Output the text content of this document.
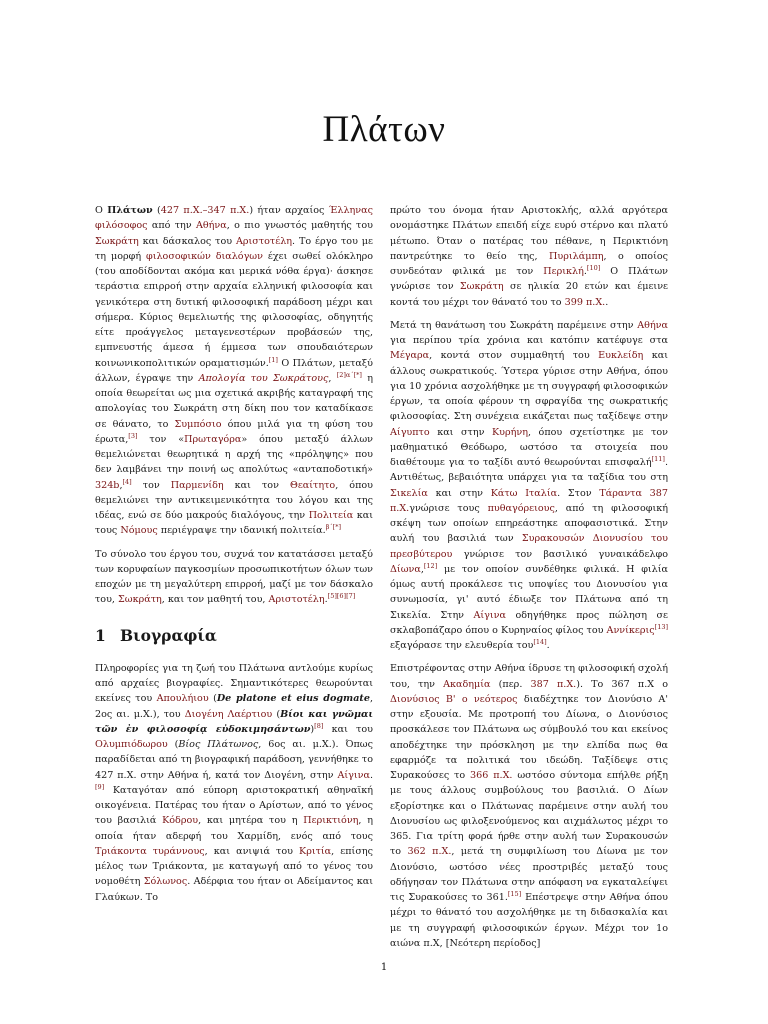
Πλάτων

Ο Πλάτων (427 π.Χ.–347 π.Χ.) ήταν αρχαίος Έλληνας φιλόσοφος από την Αθήνα, ο πιο γνωστός μαθητής του Σωκράτη και δάσκαλος του Αριστοτέλη. Το έργο του με τη μορφή φιλοσοφικών διαλόγων έχει σωθεί ολόκληρο (του αποδίδονται ακόμα και μερικά νόθα έργα)· άσκησε τεράστια επιρροή στην αρχαία ελληνική φιλοσοφία και γενικότερα στη δυτική φιλοσοφική παράδοση μέχρι και σήμερα. Κύριος θεμελιωτής της φιλοσοφίας, οδηγητής είτε προάγγελος μεταγενεστέρων προβάσεών της, εμπνευστής άμεσα ή έμμεσα των σπουδαιότερων κοινωνικοπολιτικών οραματισμών.[1] Ο Πλάτων, μεταξύ άλλων, έγραψε την Απολογία του Σωκράτους, [2]α΄[*] η οποία θεωρείται ως μια σχετικά ακριβής καταγραφή της απολογίας του Σωκράτη στη δίκη που τον καταδίκασε σε θάνατο, το Συμπόσιο όπου μιλά για τη φύση του έρωτα,[3] τον «Πρωταγόρα» όπου μεταξύ άλλων θεμελιώνεται θεωρητικά η αρχή της «πρόληψης» που δεν λαμβάνει την ποινή ως απολύτως «ανταποδοτική» 324b,[4] τον Παρμενίδη και τον Θεαίτητο, όπου θεμελιώνει την αντικειμενικότητα του λόγου και της ιδέας, ενώ σε δύο μακρούς διαλόγους, την Πολιτεία και τους Νόμους περιέγραψε την ιδανική πολιτεία.$^{\beta΄[*]}$

Το σύνολο του έργου του, συχνά τον κατατάσσει μεταξύ των κορυφαίων παγκοσμίων προσωπικοτήτων όλων των εποχών με τη μεγαλύτερη επιρροή, μαζί με τον δάσκαλο του, Σωκράτη, και τον μαθητή του, Αριστοτέλη.[5][6][7]

1 Βιογραφία

Πληροφορίες για τη ζωή του Πλάτωνα αντλούμε κυρίως από αρχαίες βιογραφίες. Σημαντικότερες θεωρούνται εκείνες του Απουλήιου (De platone et eius dogmate, 2ος αι. μ.Χ.), του Διογένη Λαέρτιου (Βίοι και γνῶμαι τῶν ἐν φιλοσοφίᾳ εὐδοκιμησάντων)[8] και του Ολυμπιόδωρου (Βίος Πλάτωνος, 6ος αι. μ.Χ.). Όπως παραδίδεται από τη βιογραφική παράδοση, γεννήθηκε το 427 π.Χ. στην Αθήνα ή, κατά τον Διογένη, στην Αίγινα.[9] Καταγόταν από εύπορη αριστοκρατική αθηναϊκή οικογένεια. Πατέρας του ήταν ο Αρίστων, από το γένος του βασιλιά Κόδρου, και μητέρα του η Περικτιόνη, η οποία ήταν αδερφή του Χαρμίδη, ενός από τους Τριάκοντα τυράννους, και ανιψιά του Κριτία, επίσης μέλος των Τριάκοντα, με καταγωγή από το γένος του νομοθέτη Σόλωνος. Αδέρφια του ήταν οι Αδείμαντος και Γλαύκων. Το

πρώτο του όνομα ήταν Αριστοκλής, αλλά αργότερα ονομάστηκε Πλάτων επειδή είχε ευρύ στέρνο και πλατύ μέτωπο. Όταν ο πατέρας του πέθανε, η Περικτιόνη παντρεύτηκε το θείο της, Πυριλάμπη, ο οποίος συνδεόταν φιλικά με τον Περικλή.[10] Ο Πλάτων γνώρισε τον Σωκράτη σε ηλικία 20 ετών και έμεινε κοντά του μέχρι τον θάνατό του το 399 π.Χ..

Μετά τη θανάτωση του Σωκράτη παρέμεινε στην Αθήνα για περίπου τρία χρόνια και κατόπιν κατέφυγε στα Μέγαρα, κοντά στον συμμαθητή του Ευκλείδη και άλλους σωκρατικούς. Ύστερα γύρισε στην Αθήνα, όπου για 10 χρόνια ασχολήθηκε με τη συγγραφή φιλοσοφικών έργων, τα οποία φέρουν τη σφραγίδα της σωκρατικής φιλοσοφίας. Στη συνέχεια εικάζεται πως ταξίδεψε στην Αίγυπτο και στην Κυρήνη, όπου σχετίστηκε με τον μαθηματικό Θεόδωρο, ωστόσο τα στοιχεία που διαθέτουμε για το ταξίδι αυτό θεωρούνται επισφαλή[11]. Αντιθέτως, βεβαιότητα υπάρχει για τα ταξίδια του στη Σικελία και στην Κάτω Ιταλία. Στον Τάραντα 387 π.Χ.γνώρισε τους πυθαγόρειους, από τη φιλοσοφική σκέψη των οποίων επηρεάστηκε αποφασιστικά. Στην αυλή του βασιλιά των Συρακουσών Διονυσίου του πρεσβύτερου γνώρισε τον βασιλικό γυναικάδελφο Δίωνα,[12] με τον οποίον συνδέθηκε φιλικά. Η φιλία όμως αυτή προκάλεσε τις υποψίες του Διονυσίου για συνωμοσία, γι' αυτό έδιωξε τον Πλάτωνα από τη Σικελία. Στην Αίγινα οδηγήθηκε προς πώληση σε σκλαβοπάζαρο όπου ο Κυρηναίος φίλος του Αννίκερις[13] εξαγόρασε την ελευθερία του[14].

Επιστρέφοντας στην Αθήνα ίδρυσε τη φιλοσοφική σχολή του, την Ακαδημία (περ. 387 π.Χ.). Το 367 π.Χ ο Διονύσιος Β' ο νεότερος διαδέχτηκε τον Διονύσιο Α' στην εξουσία. Με προτροπή του Δίωνα, ο Διονύσιος προσκάλεσε τον Πλάτωνα ως σύμβουλό του και εκείνος αποδέχτηκε την πρόσκληση με την ελπίδα πως θα εφαρμόζε τα πολιτικά του ιδεώδη. Ταξίδεψε στις Συρακούσες το 366 π.Χ. ωστόσο σύντομα επήλθε ρήξη με τους άλλους συμβούλους του βασιλιά. Ο Δίων εξορίστηκε και ο Πλάτωνας παρέμεινε στην αυλή του Διονυσίου ως φιλοξενούμενος και αιχμάλωτος μέχρι το 365. Για τρίτη φορά ήρθε στην αυλή των Συρακουσών το 362 π.Χ., μετά τη συμφιλίωση του Δίωνα με τον Διονύσιο, ωστόσο νέες προστριβές μεταξύ τους οδήγησαν τον Πλάτωνα στην απόφαση να εγκαταλείψει τις Συρακούσες το 361.[15] Επέστρεψε στην Αθήνα όπου μέχρι το θάνατό του ασχολήθηκε με τη διδασκαλία και με τη συγγραφή φιλοσοφικών έργων. Μέχρι τον 1ο αιώνα π.Χ, [Νεότερη περίοδος]

1
